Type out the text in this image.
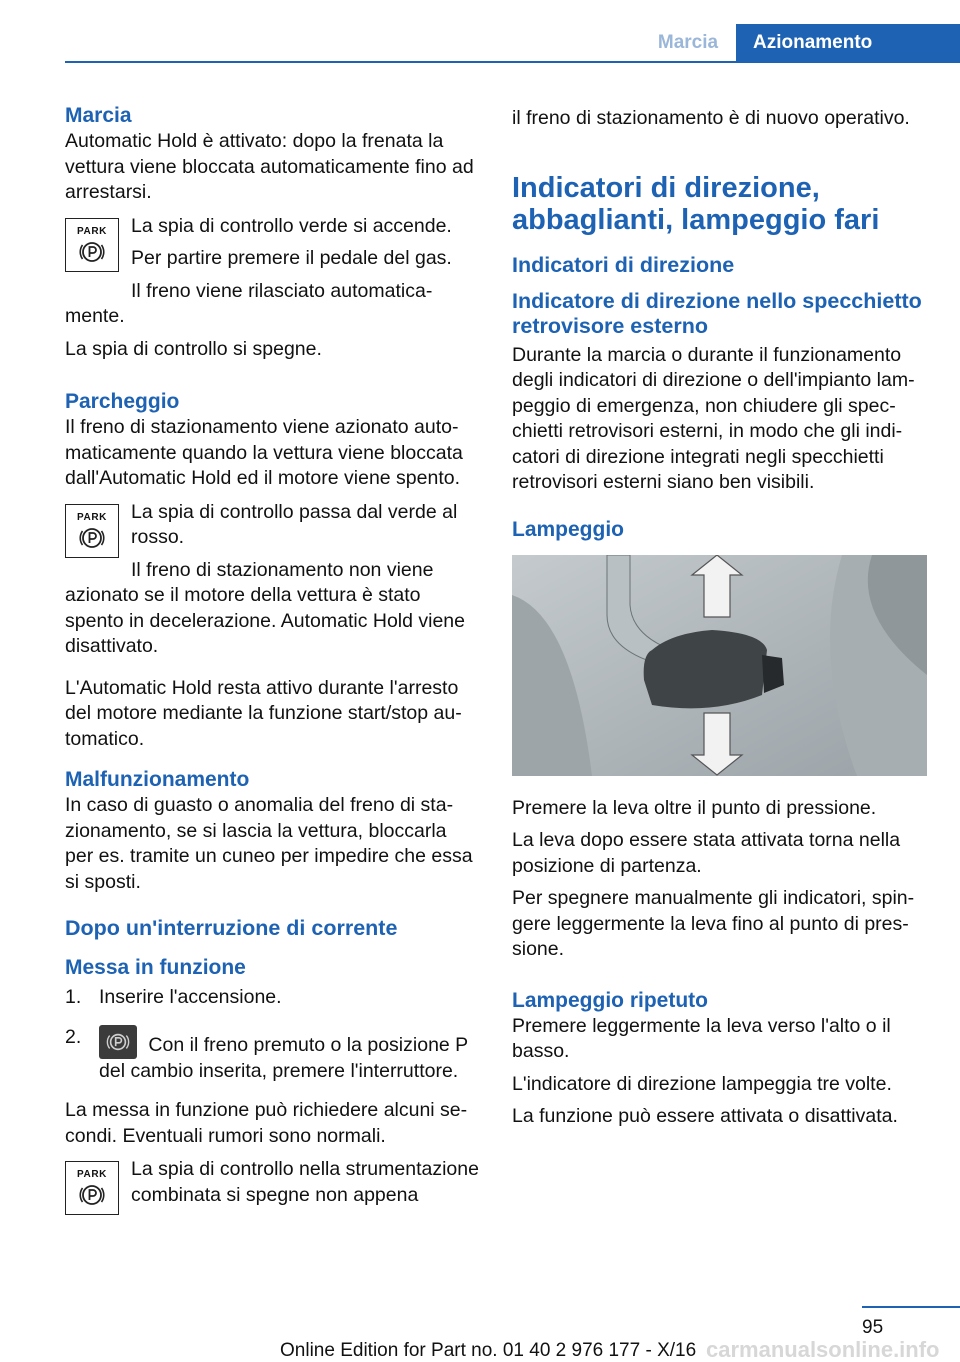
Marcia	Azionamento
Marcia

Automatic Hold è attivato: dopo la frenata la vettura viene bloccata automaticamente fino ad arrestarsi.

PARK	La spia di controllo verde si accende.

Per partire premere il pedale del gas.

Il freno viene rilasciato automaticamente.

La spia di controllo si spegne.

Parcheggio

Il freno di stazionamento viene azionato automaticamente quando la vettura viene bloccata dall'Automatic Hold ed il motore viene spento.

PARK	La spia di controllo passa dal verde al rosso.

Il freno di stazionamento non viene azionato se il motore della vettura è stato spento in decelerazione. Automatic Hold viene disattivato.

L'Automatic Hold resta attivo durante l'arresto del motore mediante la funzione start/stop automatico.

Malfunzionamento

In caso di guasto o anomalia del freno di stazionamento, se si lascia la vettura, bloccarla per es. tramite un cuneo per impedire che essa si sposti.

Dopo un'interruzione di corrente
Messa in funzione
1. Inserire l'accensione.
2.	Con il freno premuto o la posizione P del cambio inserita, premere l'interruttore.

La messa in funzione può richiedere alcuni secondi. Eventuali rumori sono normali.

PARK	La spia di controllo nella strumentazione combinata si spegne non appena

il freno di stazionamento è di nuovo operativo.

Indicatori di direzione, abbaglianti, lampeggio fari
Indicatori di direzione
Indicatore di direzione nello specchietto retrovisore esterno

Durante la marcia o durante il funzionamento degli indicatori di direzione o dell'impianto lampeggio di emergenza, non chiudere gli specchietti retrovisori esterni, in modo che gli indicatori di direzione integrati negli specchietti retrovisori esterni siano ben visibili.

Lampeggio

Premere la leva oltre il punto di pressione.

La leva dopo essere stata attivata torna nella posizione di partenza.

Per spegnere manualmente gli indicatori, spingere leggermente la leva fino al punto di pressione.

Lampeggio ripetuto

Premere leggermente la leva verso l'alto o il basso.

L'indicatore di direzione lampeggia tre volte.

La funzione può essere attivata o disattivata.

95
Online Edition for Part no. 01 40 2 976 177 - X/16 carmanualsonline.info
